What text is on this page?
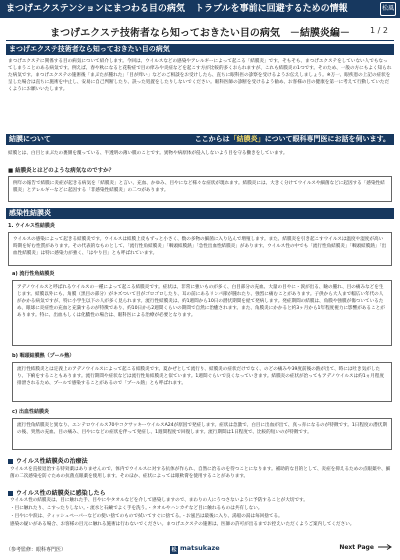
まつげエクステンションにまつわる目の病気 トラブルを事前に回避するための情報	松風
まつげエクステ技術者なら知っておきたい目の病気　－結膜炎編－	1 / 2
まつげエクステ技術者なら知っておきたい目の病気
まつげエクステに関係する目の病気について紹介します。今回は、ウイルスなどの感染やアレルギーによって起こる「結膜炎」です。そもそも、まつげエクステをしていない人でもなってしまうことのある病気です。例えば、春や秋になると花粉症で目の痒みや炎症などを起こす方が比較的多くおられますが、これも結膜炎の1つです。そのため、一般の方にもよく知られた病気です。まつげエクステの施術後「まぶたが腫れた」「目が痒い」などのご相談をお受けしたら、直ちに眼科医の診察を受けるようお伝えしましょう。※万一、眼疾患の上記の症状を呈した場合は直ちに施術を中止し、安易に自己判断したり、誤った処置をしたりしないでください。眼科医師の診断を受けるよう勧め、お客様の目の健康を第一に考えて行動していただくようにお願いいたします。
結膜について	ここからは「結膜炎」について眼科専門医にお話を伺います。
結膜とは、白目とまぶたの裏側を覆っている、半透明の薄い膜のことです。異物や病原体が侵入しないよう目を守る働きをしています。
■ 結膜炎とはどのような病気なのですか？
例年の報告で結膜に炎症が起きる病気を「結膜炎」と言い、充血、かゆみ、目やになど様々な症状が現れます。結膜炎には、大きく分けてウイルスや細菌などに起因する「感染性結膜炎」とアレルギーなどに起因する「非感染性結膜炎」の二つがあります。
感染性結膜炎
1. ウイルス性結膜炎
ウイルスの感染によって起きる結膜炎です。ウイルスは結膜上皮もずっと小さく、数の多物の細菌に入り込んで増殖します。また、結膜炎を引き起こすウイルスは温度や湿度が高い時期を好む性質があります。その代表的なものとして、「流行性角結膜炎」「咽頭結膜熱」「急性出血性結膜炎」があります。ウイルス性の中でも「流行性角結膜炎」「咽頭結膜熱」「出血性結膜炎」は特に感染力が強く、「はやり目」とも呼ばれています。
a) 流行性角結膜炎
アデノウイルスと呼ばれるウイルスの一種によって起こる結膜炎です。症状は、非常に強いものが多く、白目部分の充血、大量の目やに・涙が出る、瞼の腫れ、目の痛みなどを生じます。結膜以外にも、角膜（黒目の部分）がキズついて目がゴロゴロしたり、耳の前にあるリンパ節が腫れたり、強烈に痛むことがあります。子供から大人まで幅広い年代の人がかかる病気ですが、特に小学生以下の人が多く見られます。流行性結膜炎は、約1週間から10日の潜伏期間を経て発病します。発症期間の結膜は、角膜や強膜が傷ついているため、眼球に炎症性の充血と充満するのが特徴であり、約10日から2週間くらいの期間で自然に治癒されます。また、角膜炎にかかると約3ヶ月から1年程度視力に影響があることがあります。特に、出血もしくは化膿性の場合は、眼科医による治療が必要となります。
b) 咽頭結膜熱（プール熱）
流行性結膜炎とは定義上のアデノウイルスによって起こる結膜炎です。夏かぜとして流行り、結膜炎の症状だけでなく、のどの痛みや39度前後の熱が出て、時には吐き気がしたり、下痢をすることもあります。流行期間や症状などは流行性角結膜炎と似ています。1週間ぐらいで良くなっていきます。結膜炎の症状が治ってもアデノウイルスは約1ヵ月程度排泄されるため、プールで感染することがあるので「プール熱」とも呼ばれます。
c) 出血性結膜炎
流行性角結膜炎と異なり、エンテロウイルス70やコクサッキーウイルスA24が原因で発症します。症状は急激で、白目に出血が出て、真っ赤になるのが特徴です。1日程度の潜伏期の後、突然の充血、目の痛み、目やになどの症状を伴って発症し、1週間程度で回復します。流行期間は1日程度で、比較的短いのが特徴です。
ウイルス性結膜炎の治療法
ウイルスを直接退治する特効薬はありませんので、体内でウイルスに対する抗体が作られ、自然に治るのを待つことになります。補助的な目的として、炎症を抑えるための点眼薬や、細菌の二次感染を防ぐための抗菌点眼薬を使用します。そのほか、症状によっては眼軟膏を使用することがあります。
ウイルス性の結膜炎に感染したら
ウイルス性の結膜炎は、目に触れた手、目やにやタオルなどを介して感染しますので、まわりの人にうつさないように予防することが大切です。
・目に触れたり、こすったりしない。・流水と石鹸でよく手を洗う。・タオルやハンカチなど目に触れるものは共有しない。
・目やにや涙は、ティッシュペーパーなどの使い捨てのもので拭いてすぐに捨てる。・お風呂は最後に入り、湯船の湯は毎回捨てる。
感染の疑いがある場合、お客様の目元に触れる施術は行わないでください。まつげエクステの施術は、医師の許可が出るまでお控えいただくようご案内してください。
（参考監修：眼科専門医）	松 matsukaze	Next Page
